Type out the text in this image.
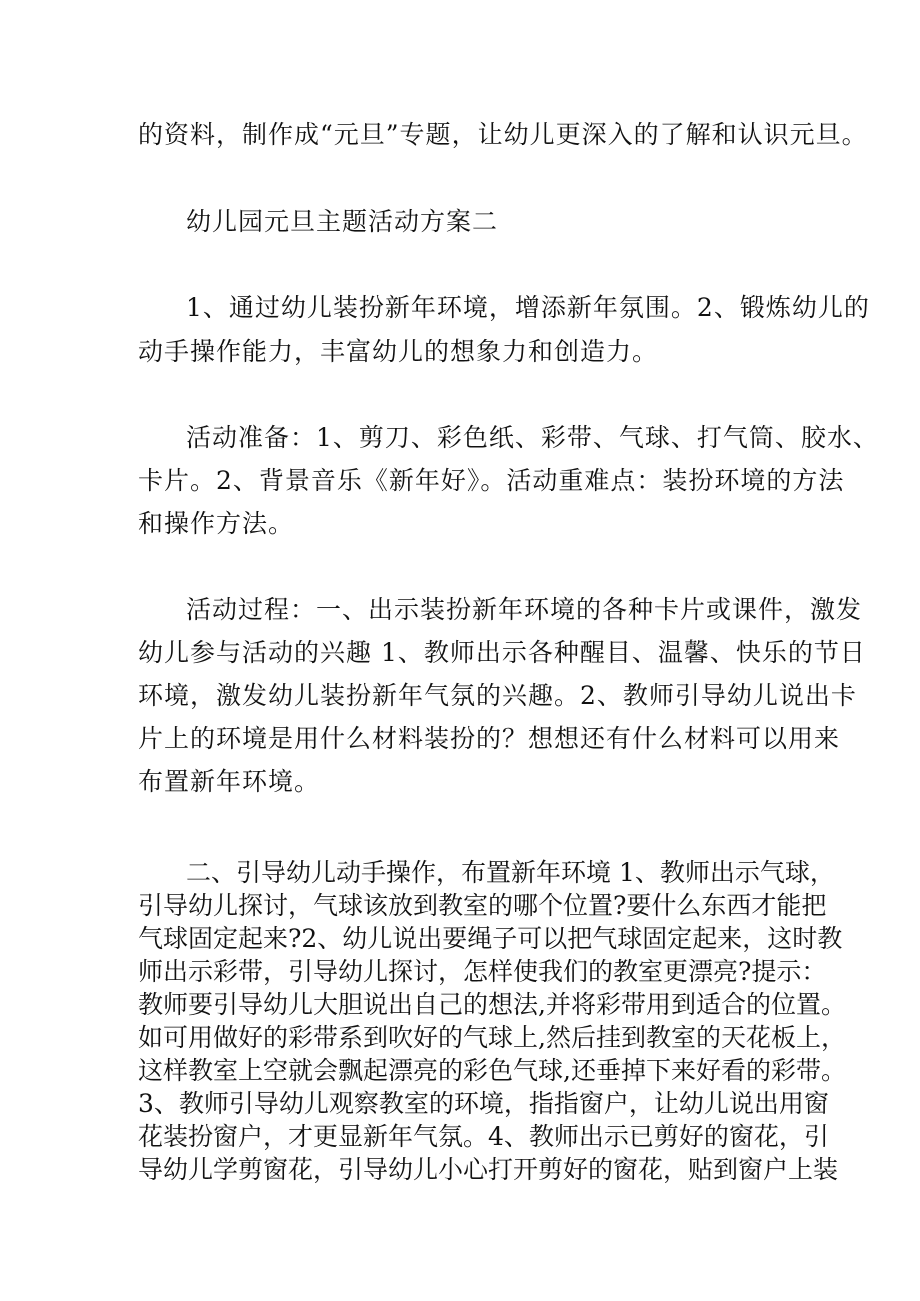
的资料，制作成“元旦”专题，让幼儿更深入的了解和认识元旦。
幼儿园元旦主题活动方案二
1、通过幼儿装扮新年环境，增添新年氛围。2、锻炼幼儿的
动手操作能力，丰富幼儿的想象力和创造力。
活动准备：1、剪刀、彩色纸、彩带、气球、打气筒、胶水、
卡片。2、背景音乐《新年好》。活动重难点：装扮环境的方法
和操作方法。
活动过程：一、出示装扮新年环境的各种卡片或课件，激发
幼儿参与活动的兴趣 1、教师出示各种醒目、温馨、快乐的节日
环境，激发幼儿装扮新年气氛的兴趣。2、教师引导幼儿说出卡
片上的环境是用什么材料装扮的？想想还有什么材料可以用来
布置新年环境。
二、引导幼儿动手操作，布置新年环境 1、教师出示气球，
引导幼儿探讨，气球该放到教室的哪个位置?要什么东西才能把
气球固定起来?2、幼儿说出要绳子可以把气球固定起来，这时教
师出示彩带，引导幼儿探讨，怎样使我们的教室更漂亮?提示：
教师要引导幼儿大胆说出自己的想法,并将彩带用到适合的位置。
如可用做好的彩带系到吹好的气球上,然后挂到教室的天花板上，
这样教室上空就会飘起漂亮的彩色气球,还垂掉下来好看的彩带。
3、教师引导幼儿观察教室的环境，指指窗户，让幼儿说出用窗
花装扮窗户，才更显新年气氛。4、教师出示已剪好的窗花，引
导幼儿学剪窗花，引导幼儿小心打开剪好的窗花，贴到窗户上装
